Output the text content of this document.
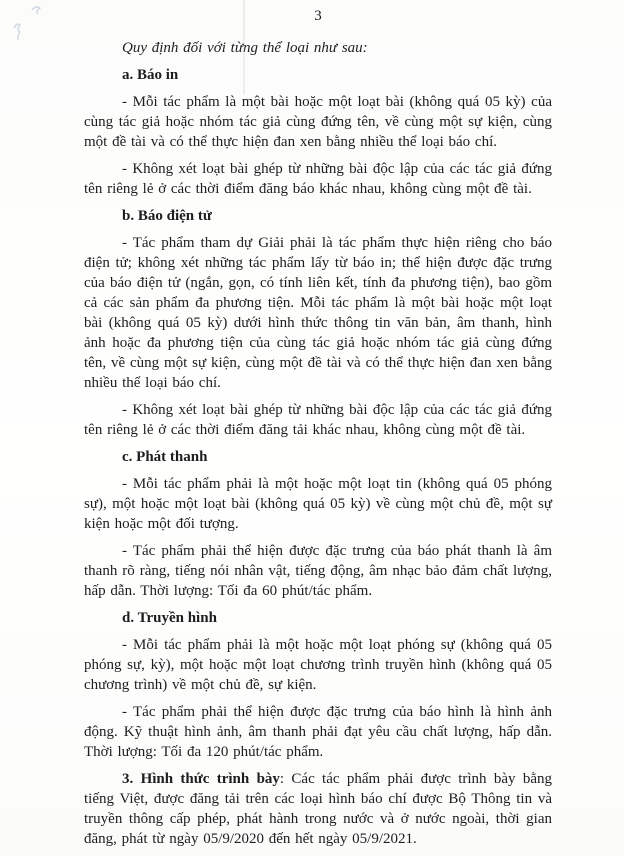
3

Quy định đối với từng thể loại như sau:

a. Báo in

- Mỗi tác phẩm là một bài hoặc một loạt bài (không quá 05 kỳ) của cùng tác giả hoặc nhóm tác giả cùng đứng tên, về cùng một sự kiện, cùng một đề tài và có thể thực hiện đan xen bằng nhiều thể loại báo chí.

- Không xét loạt bài ghép từ những bài độc lập của các tác giả đứng tên riêng lẻ ở các thời điểm đăng báo khác nhau, không cùng một đề tài.

b. Báo điện tử

- Tác phẩm tham dự Giải phải là tác phẩm thực hiện riêng cho báo điện tử; không xét những tác phẩm lấy từ báo in; thể hiện được đặc trưng của báo điện tử (ngắn, gọn, có tính liên kết, tính đa phương tiện), bao gồm cả các sản phẩm đa phương tiện. Mỗi tác phẩm là một bài hoặc một loạt bài (không quá 05 kỳ) dưới hình thức thông tin văn bản, âm thanh, hình ảnh hoặc đa phương tiện của cùng tác giả hoặc nhóm tác giả cùng đứng tên, về cùng một sự kiện, cùng một đề tài và có thể thực hiện đan xen bằng nhiều thể loại báo chí.

- Không xét loạt bài ghép từ những bài độc lập của các tác giả đứng tên riêng lẻ ở các thời điểm đăng tải khác nhau, không cùng một đề tài.

c. Phát thanh

- Mỗi tác phẩm phải là một hoặc một loạt tin (không quá 05 phóng sự), một hoặc một loạt bài (không quá 05 kỳ) về cùng một chủ đề, một sự kiện hoặc một đối tượng.

- Tác phẩm phải thể hiện được đặc trưng của báo phát thanh là âm thanh rõ ràng, tiếng nói nhân vật, tiếng động, âm nhạc bảo đảm chất lượng, hấp dẫn. Thời lượng: Tối đa 60 phút/tác phẩm.

d. Truyền hình

- Mỗi tác phẩm phải là một hoặc một loạt phóng sự (không quá 05 phóng sự, kỳ), một hoặc một loạt chương trình truyền hình (không quá 05 chương trình) về một chủ đề, sự kiện.

- Tác phẩm phải thể hiện được đặc trưng của báo hình là hình ảnh động. Kỹ thuật hình ảnh, âm thanh phải đạt yêu cầu chất lượng, hấp dẫn. Thời lượng: Tối đa 120 phút/tác phẩm.

3. Hình thức trình bày: Các tác phẩm phải được trình bày bằng tiếng Việt, được đăng tải trên các loại hình báo chí được Bộ Thông tin và truyền thông cấp phép, phát hành trong nước và ở nước ngoài, thời gian đăng, phát từ ngày 05/9/2020 đến hết ngày 05/9/2021.
